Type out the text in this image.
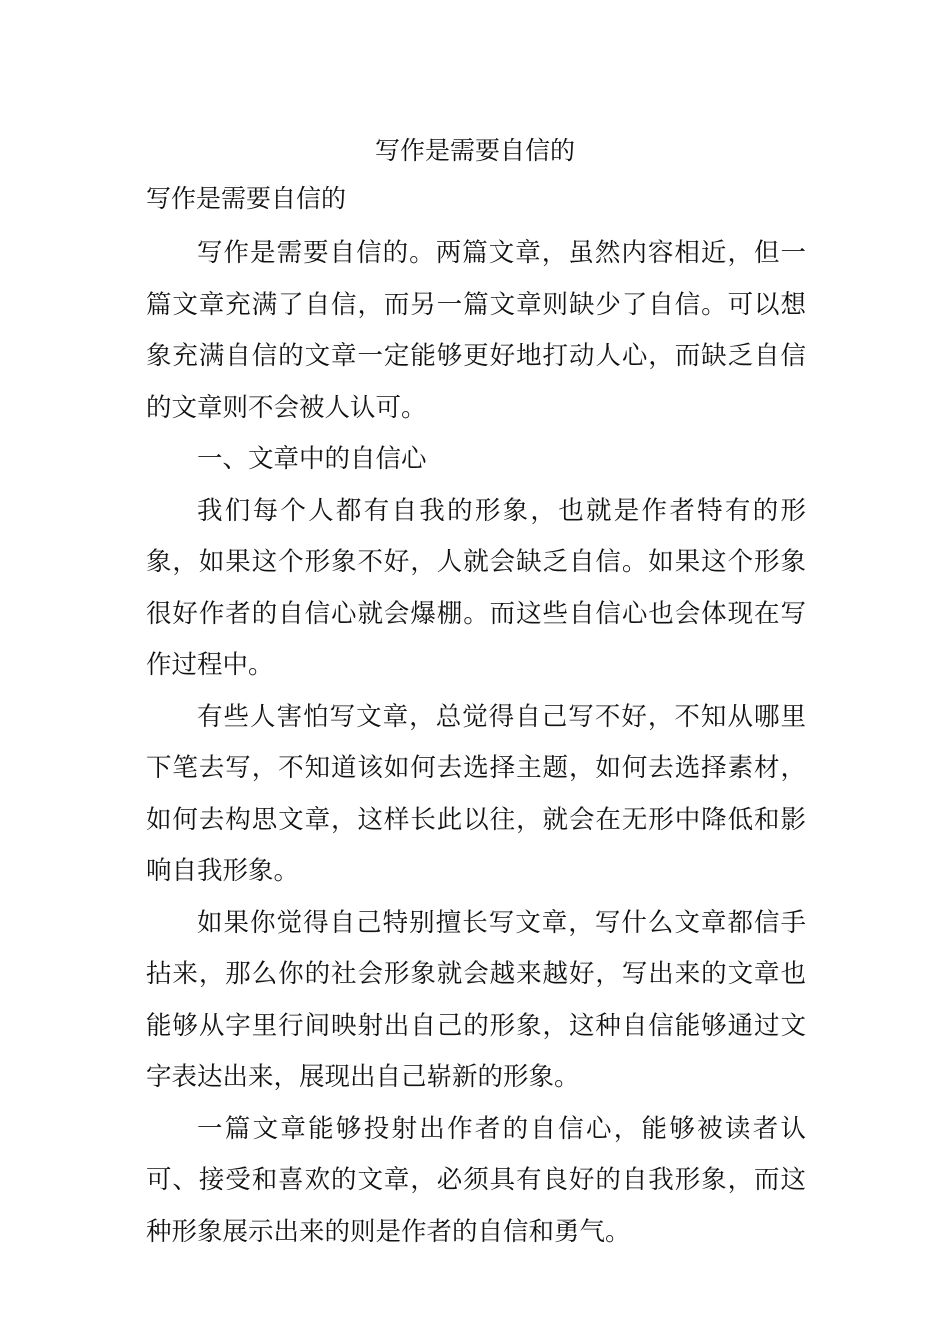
写作是需要自信的
写作是需要自信的

写作是需要自信的。两篇文章，虽然内容相近，但一篇文章充满了自信，而另一篇文章则缺少了自信。可以想象充满自信的文章一定能够更好地打动人心，而缺乏自信的文章则不会被人认可。

一、文章中的自信心

我们每个人都有自我的形象，也就是作者特有的形象，如果这个形象不好，人就会缺乏自信。如果这个形象很好作者的自信心就会爆棚。而这些自信心也会体现在写作过程中。

有些人害怕写文章，总觉得自己写不好，不知从哪里下笔去写，不知道该如何去选择主题，如何去选择素材，如何去构思文章，这样长此以往，就会在无形中降低和影响自我形象。

如果你觉得自己特别擅长写文章，写什么文章都信手拈来，那么你的社会形象就会越来越好，写出来的文章也能够从字里行间映射出自己的形象，这种自信能够通过文字表达出来，展现出自己崭新的形象。

一篇文章能够投射出作者的自信心，能够被读者认可、接受和喜欢的文章，必须具有良好的自我形象，而这种形象展示出来的则是作者的自信和勇气。
